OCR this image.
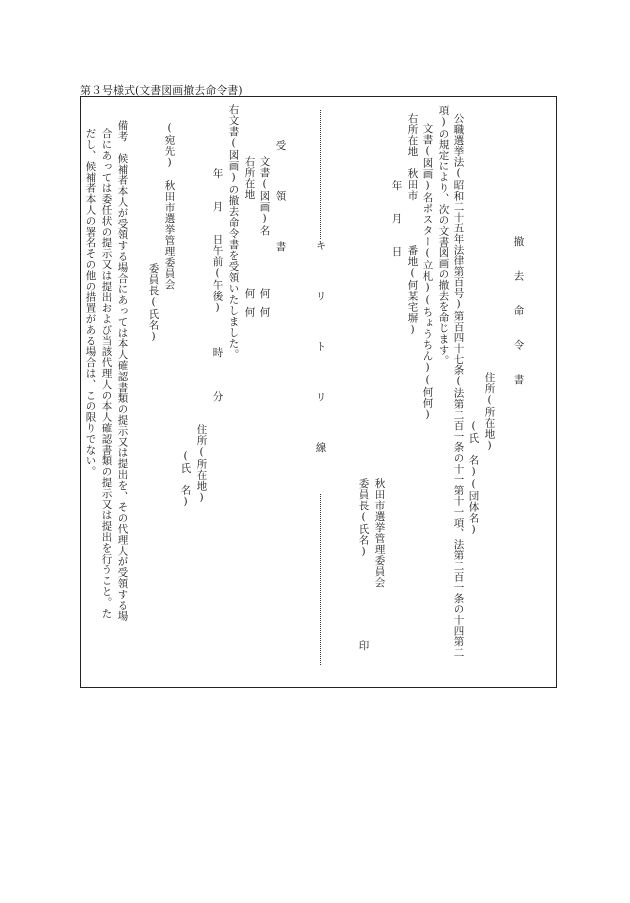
第３号様式(文書図画撤去命令書)
撤去命令書
住所(所在地)
(氏　名)(団体名)
公職選挙法(昭和二十五年法律第百号)第百四十七条(法第二百一条の十一第十一項、法第二百一条の十四第二
項)の規定により、次の文書図画の撤去を命じます。
文書(図画)名ポスター(立札)(ちょうちん)(何何)
右所在地　秋田市　　　　番地(何某宅塀)
年　　月　　日
秋田市選挙管理委員会
委員長(氏名)
印
キリトリ線
受領書
文書(図画)名
何何
右所在地
何何
右文書(図画)の撤去命令書を受領いたしました。
年　　月　　日午前(午後)　　　時　　　分
住所(所在地)
(氏　名)
(宛先)　秋田市選挙管理委員会
委員長(氏名)
備考　候補者本人が受領する場合にあっては本人確認書類の提示又は提出を、その代理人が受領する場
合にあっては委任状の提示又は提出および当該代理人の本人確認書類の提示又は提出を行うこと。た
だし、候補者本人の署名その他の措置がある場合は、この限りでない。
